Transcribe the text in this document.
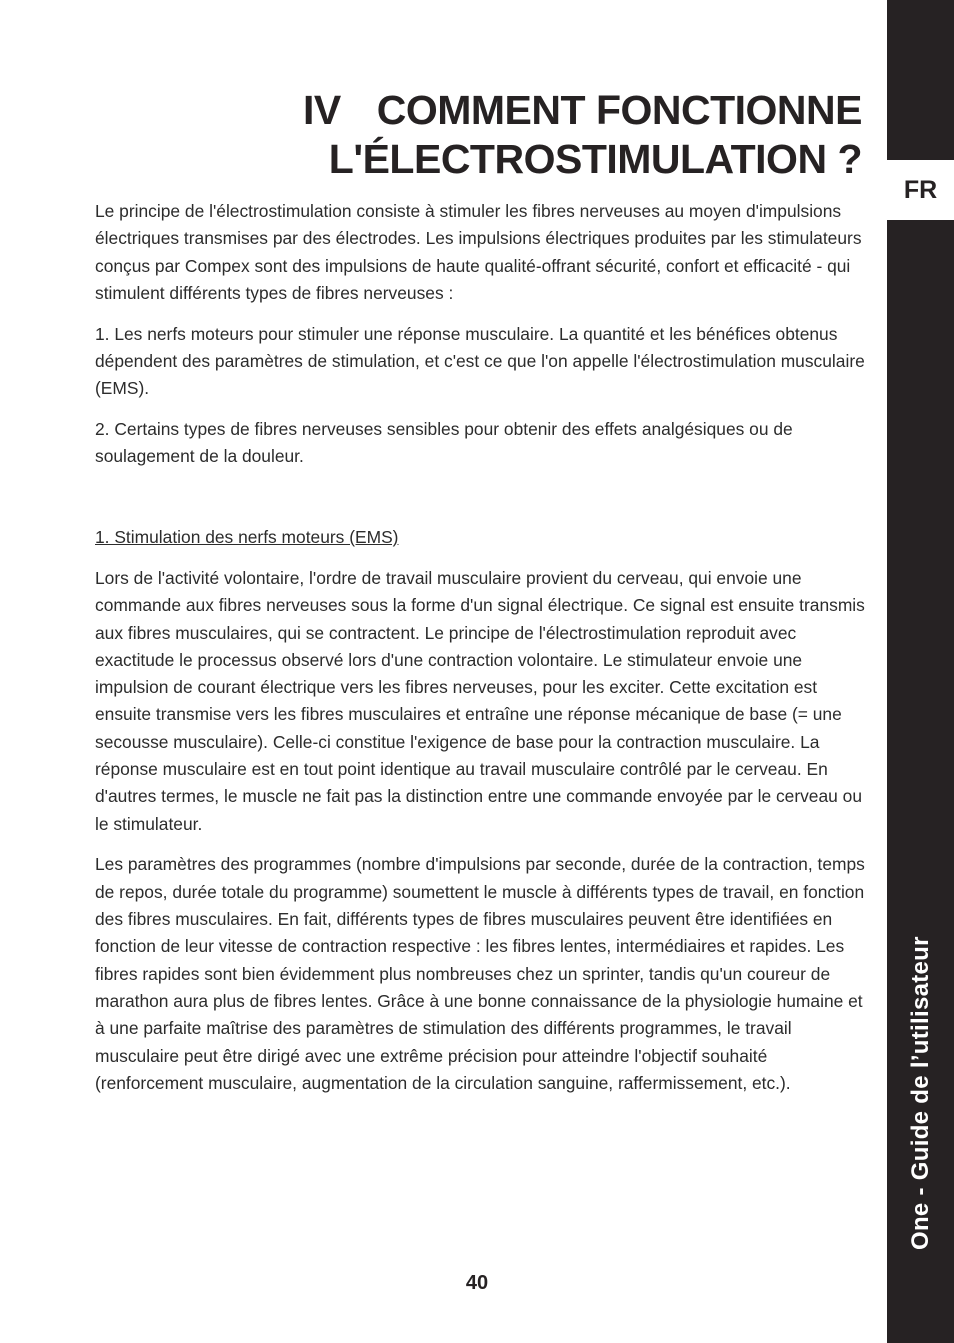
FR
One - Guide de l’utilisateur
IV COMMENT FONCTIONNE
L'ÉLECTROSTIMULATION ?

Le principe de l'électrostimulation consiste à stimuler les fibres nerveuses au moyen d'impulsions électriques transmises par des électrodes. Les impulsions électriques produites par les stimulateurs conçus par Compex sont des impulsions de haute qualité-offrant sécurité, confort et efficacité - qui stimulent différents types de fibres nerveuses :

1. Les nerfs moteurs pour stimuler une réponse musculaire. La quantité et les bénéfices obtenus dépendent des paramètres de stimulation, et c'est ce que l'on appelle l'électrostimulation musculaire (EMS).

2. Certains types de fibres nerveuses sensibles pour obtenir des effets analgésiques ou de soulagement de la douleur.

1. Stimulation des nerfs moteurs (EMS)

Lors de l'activité volontaire, l'ordre de travail musculaire provient du cerveau, qui envoie une commande aux fibres nerveuses sous la forme d'un signal électrique. Ce signal est ensuite transmis aux fibres musculaires, qui se contractent. Le principe de l'électrostimulation reproduit avec exactitude le processus observé lors d'une contraction volontaire. Le stimulateur envoie une impulsion de courant électrique vers les fibres nerveuses, pour les exciter. Cette excitation est ensuite transmise vers les fibres musculaires et entraîne une réponse mécanique de base (= une secousse musculaire). Celle-ci constitue l'exigence de base pour la contraction musculaire. La réponse musculaire est en tout point identique au travail musculaire contrôlé par le cerveau. En d'autres termes, le muscle ne fait pas la distinction entre une commande envoyée par le cerveau ou le stimulateur.

Les paramètres des programmes (nombre d'impulsions par seconde, durée de la contraction, temps de repos, durée totale du programme) soumettent le muscle à différents types de travail, en fonction des fibres musculaires. En fait, différents types de fibres musculaires peuvent être identifiées en fonction de leur vitesse de contraction respective : les fibres lentes, intermédiaires et rapides. Les fibres rapides sont bien évidemment plus nombreuses chez un sprinter, tandis qu'un coureur de marathon aura plus de fibres lentes. Grâce à une bonne connaissance de la physiologie humaine et à une parfaite maîtrise des paramètres de stimulation des différents programmes, le travail musculaire peut être dirigé avec une extrême précision pour atteindre l'objectif souhaité (renforcement musculaire, augmentation de la circulation sanguine, raffermissement, etc.).

40
